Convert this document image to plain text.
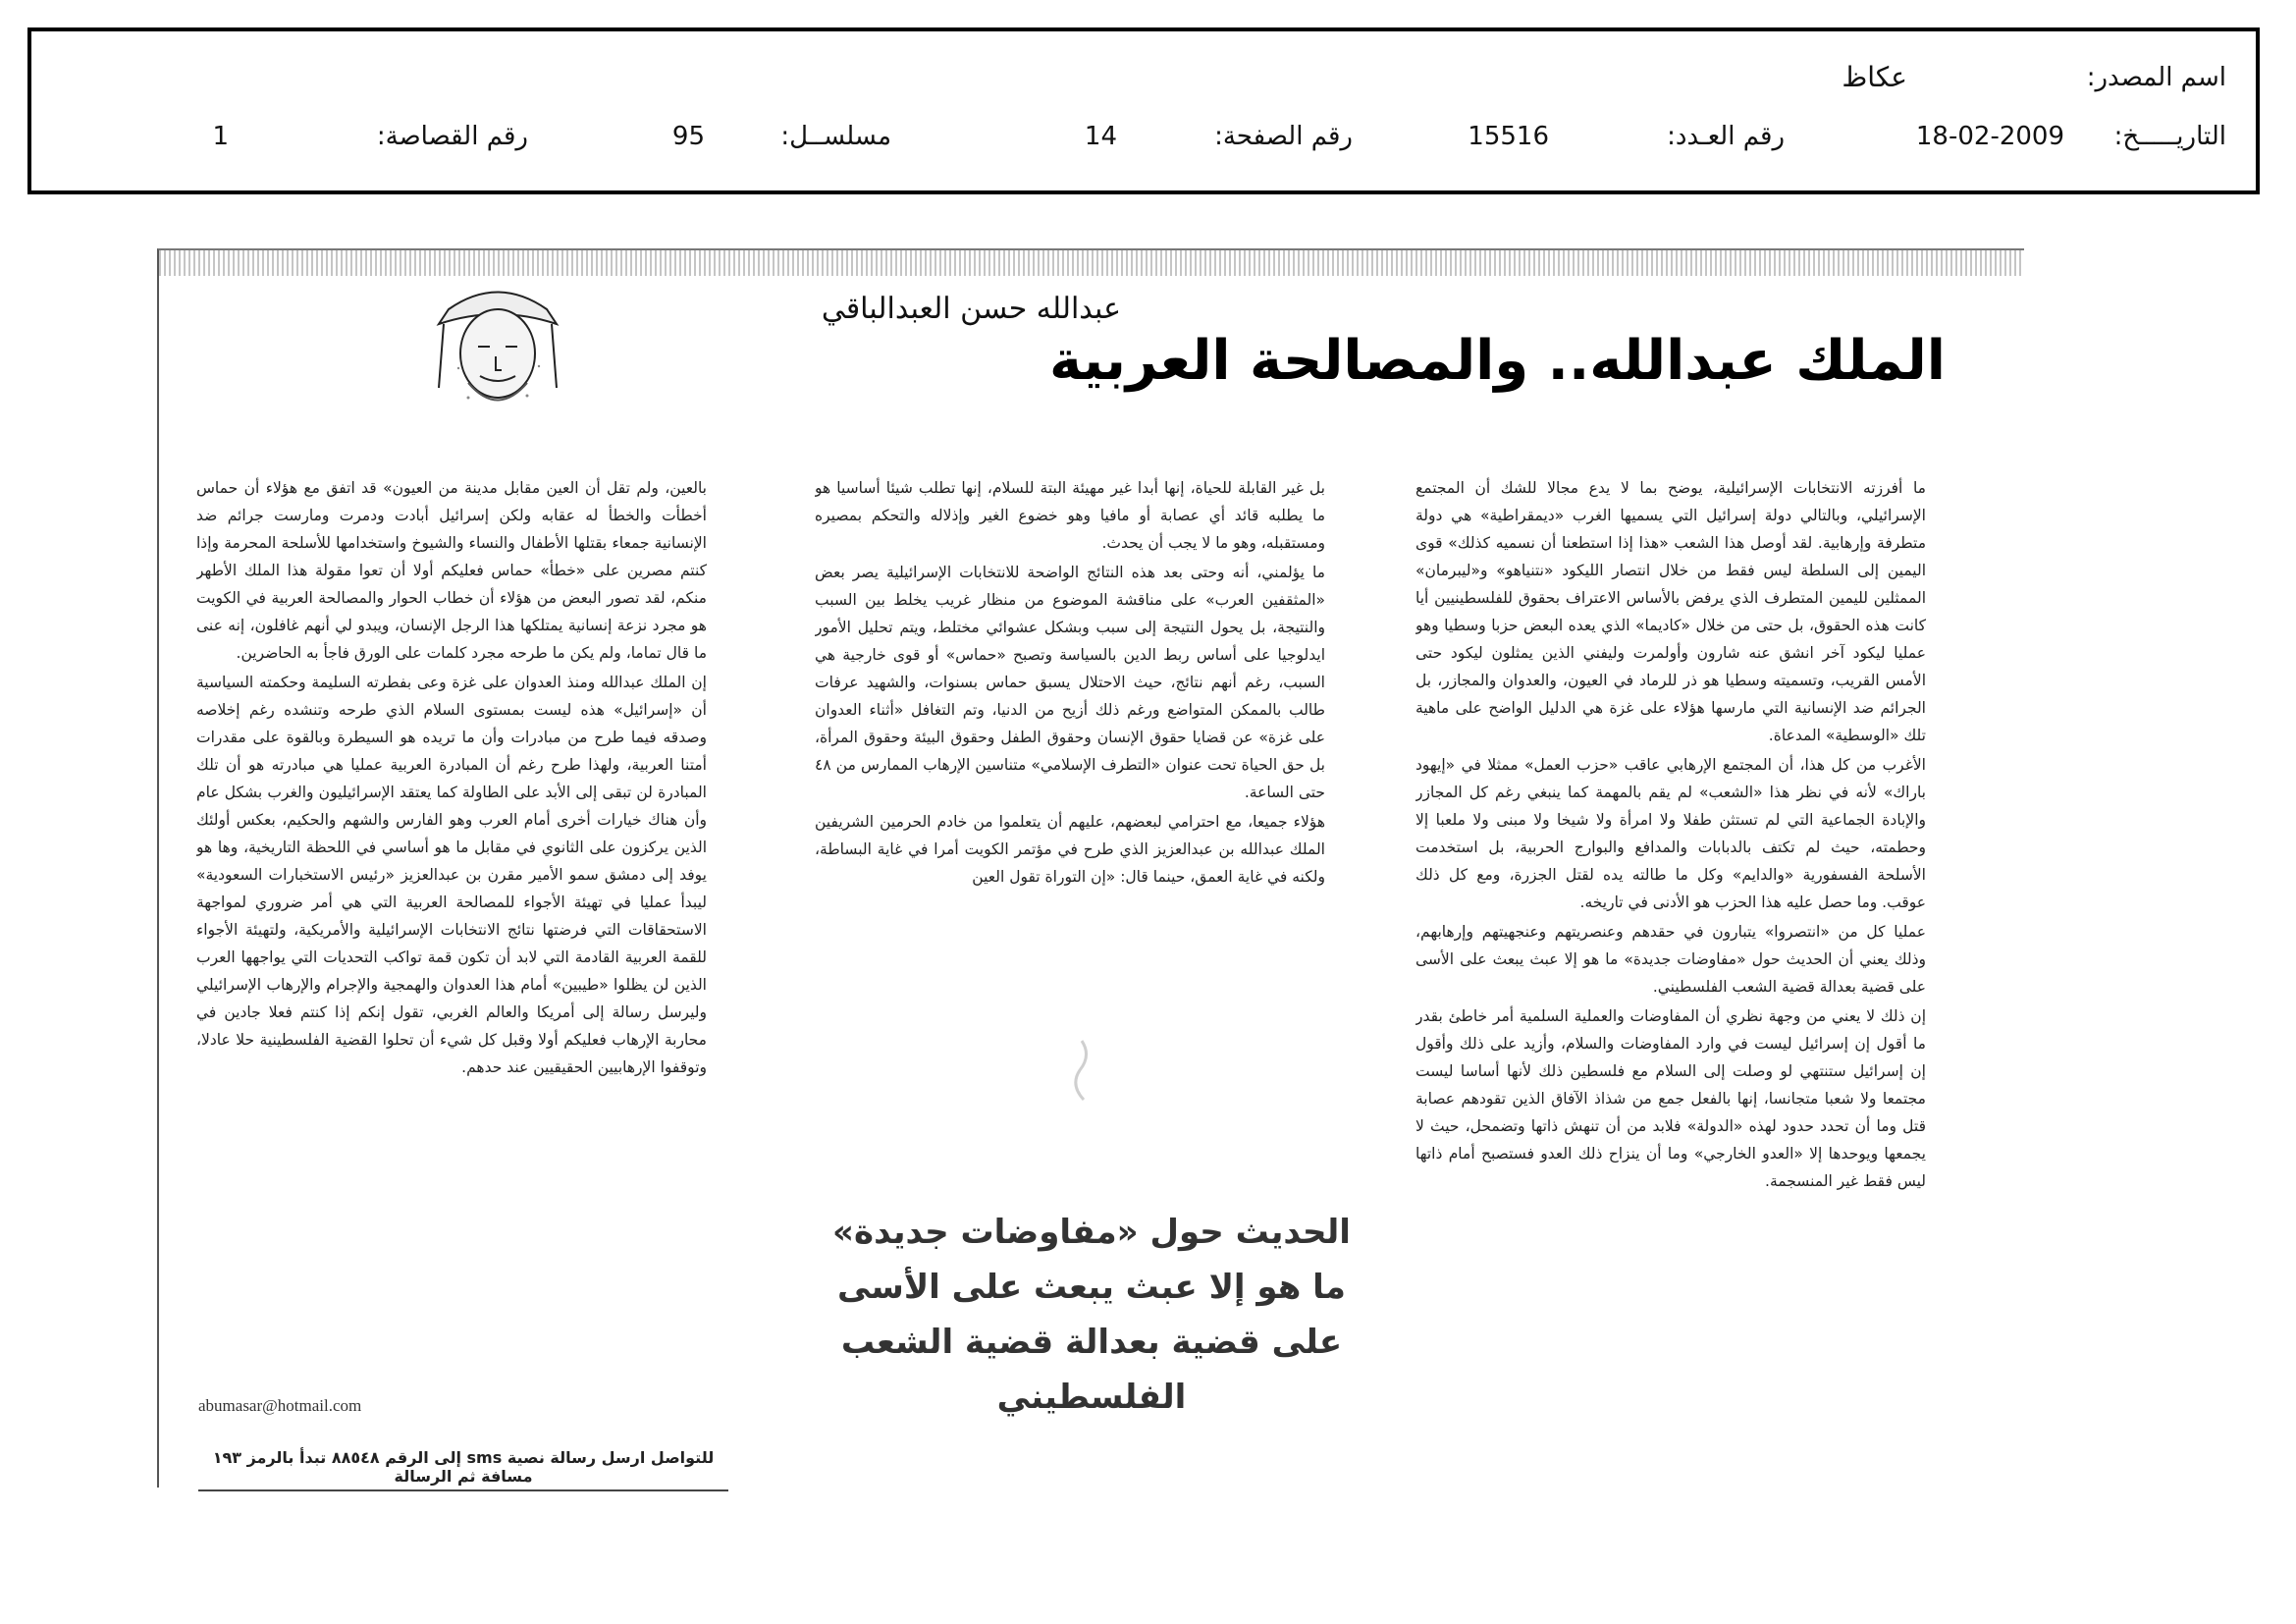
اسم المصدر:
عكاظ
التاريـــــخ:
18-02-2009
رقم العـدد:
15516
رقم الصفحة:
14
مسلســل:
95
رقم القصاصة:
1
عبدالله حسن العبدالباقي
الملك عبدالله.. والمصالحة العربية

ما أفرزته الانتخابات الإسرائيلية، يوضح بما لا يدع مجالا للشك أن المجتمع الإسرائيلي، وبالتالي دولة إسرائيل التي يسميها الغرب «ديمقراطية» هي دولة متطرفة وإرهابية. لقد أوصل هذا الشعب «هذا إذا استطعنا أن نسميه كذلك» قوى اليمين إلى السلطة ليس فقط من خلال انتصار الليكود «نتنياهو» و«ليبرمان» الممثلين لليمين المتطرف الذي يرفض بالأساس الاعتراف بحقوق للفلسطينيين أيا كانت هذه الحقوق، بل حتى من خلال «كاديما» الذي يعده البعض حزبا وسطيا وهو عمليا ليكود آخر انشق عنه شارون وأولمرت وليفني الذين يمثلون ليكود حتى الأمس القريب، وتسميته وسطيا هو ذر للرماد في العيون، والعدوان والمجازر، بل الجرائم ضد الإنسانية التي مارسها هؤلاء على غزة هي الدليل الواضح على ماهية تلك «الوسطية» المدعاة.

الأغرب من كل هذا، أن المجتمع الإرهابي عاقب «حزب العمل» ممثلا في «إيهود باراك» لأنه في نظر هذا «الشعب» لم يقم بالمهمة كما ينبغي رغم كل المجازر والإبادة الجماعية التي لم تستثن طفلا ولا امرأة ولا شيخا ولا مبنى ولا ملعبا إلا وحطمته، حيث لم تكتف بالدبابات والمدافع والبوارج الحربية، بل استخدمت الأسلحة الفسفورية «والدايم» وكل ما طالته يده لقتل الجزرة، ومع كل ذلك عوقب. وما حصل عليه هذا الحزب هو الأدنى في تاريخه.

عمليا كل من «انتصروا» يتبارون في حقدهم وعنصريتهم وعنجهيتهم وإرهابهم، وذلك يعني أن الحديث حول «مفاوضات جديدة» ما هو إلا عبث يبعث على الأسى على قضية بعدالة قضية الشعب الفلسطيني.

إن ذلك لا يعني من وجهة نظري أن المفاوضات والعملية السلمية أمر خاطئ بقدر ما أقول إن إسرائيل ليست في وارد المفاوضات والسلام، وأزيد على ذلك وأقول إن إسرائيل ستنتهي لو وصلت إلى السلام مع فلسطين ذلك لأنها أساسا ليست مجتمعا ولا شعبا متجانسا، إنها بالفعل جمع من شذاذ الآفاق الذين تقودهم عصابة قتل وما أن تحدد حدود لهذه «الدولة» فلابد من أن تنهش ذاتها وتضمحل، حيث لا يجمعها ويوحدها إلا «العدو الخارجي» وما أن ينزاح ذلك العدو فستصبح أمام ذاتها ليس فقط غير المنسجمة.

بل غير القابلة للحياة، إنها أبدا غير مهيئة البتة للسلام، إنها تطلب شيئا أساسيا هو ما يطلبه قائد أي عصابة أو مافيا وهو خضوع الغير وإذلاله والتحكم بمصيره ومستقبله، وهو ما لا يجب أن يحدث.

ما يؤلمني، أنه وحتى بعد هذه النتائج الواضحة للانتخابات الإسرائيلية يصر بعض «المثقفين العرب» على مناقشة الموضوع من منظار غريب يخلط بين السبب والنتيجة، بل يحول النتيجة إلى سبب وبشكل عشوائي مختلط، ويتم تحليل الأمور ايدلوجيا على أساس ربط الدين بالسياسة وتصبح «حماس» أو قوى خارجية هي السبب، رغم أنهم نتائج، حيث الاحتلال يسبق حماس بسنوات، والشهيد عرفات طالب بالممكن المتواضع ورغم ذلك أزيح من الدنيا، وتم التغافل «أثناء العدوان على غزة» عن قضايا حقوق الإنسان وحقوق الطفل وحقوق البيئة وحقوق المرأة، بل حق الحياة تحت عنوان «التطرف الإسلامي» متناسين الإرهاب الممارس من ٤٨ حتى الساعة.

هؤلاء جميعا، مع احترامي لبعضهم، عليهم أن يتعلموا من خادم الحرمين الشريفين الملك عبدالله بن عبدالعزيز الذي طرح في مؤتمر الكويت أمرا في غاية البساطة، ولكنه في غاية العمق، حينما قال: «إن التوراة تقول العين

الحديث حول «مفاوضات جديدة» ما هو إلا عبث يبعث على الأسى على قضية بعدالة قضية الشعب الفلسطيني

بالعين، ولم تقل أن العين مقابل مدينة من العيون» قد اتفق مع هؤلاء أن حماس أخطأت والخطأ له عقابه ولكن إسرائيل أبادت ودمرت ومارست جرائم ضد الإنسانية جمعاء بقتلها الأطفال والنساء والشيوخ واستخدامها للأسلحة المحرمة وإذا كنتم مصرين على «خطأ» حماس فعليكم أولا أن تعوا مقولة هذا الملك الأطهر منكم، لقد تصور البعض من هؤلاء أن خطاب الحوار والمصالحة العربية في الكويت هو مجرد نزعة إنسانية يمتلكها هذا الرجل الإنسان، ويبدو لي أنهم غافلون، إنه عنى ما قال تماما، ولم يكن ما طرحه مجرد كلمات على الورق فاجأ به الحاضرين.

إن الملك عبدالله ومنذ العدوان على غزة وعى بفطرته السليمة وحكمته السياسية أن «إسرائيل» هذه ليست بمستوى السلام الذي طرحه وتنشده رغم إخلاصه وصدقه فيما طرح من مبادرات وأن ما تريده هو السيطرة وبالقوة على مقدرات أمتنا العربية، ولهذا طرح رغم أن المبادرة العربية عمليا هي مبادرته هو أن تلك المبادرة لن تبقى إلى الأبد على الطاولة كما يعتقد الإسرائيليون والغرب بشكل عام وأن هناك خيارات أخرى أمام العرب وهو الفارس والشهم والحكيم، بعكس أولئك الذين يركزون على الثانوي في مقابل ما هو أساسي في اللحظة التاريخية، وها هو يوفد إلى دمشق سمو الأمير مقرن بن عبدالعزيز «رئيس الاستخبارات السعودية» ليبدأ عمليا في تهيئة الأجواء للمصالحة العربية التي هي أمر ضروري لمواجهة الاستحقاقات التي فرضتها نتائج الانتخابات الإسرائيلية والأمريكية، ولتهيئة الأجواء للقمة العربية القادمة التي لابد أن تكون قمة تواكب التحديات التي يواجهها العرب الذين لن يظلوا «طيبين» أمام هذا العدوان والهمجية والإجرام والإرهاب الإسرائيلي وليرسل رسالة إلى أمريكا والعالم الغربي، تقول إنكم إذا كنتم فعلا جادين في محاربة الإرهاب فعليكم أولا وقبل كل شيء أن تحلوا القضية الفلسطينية حلا عادلا، وتوقفوا الإرهابيين الحقيقيين عند حدهم.

abumasar@hotmail.com
للتواصل ارسل رسالة نصية sms إلى الرقم ٨٨٥٤٨ تبدأ بالرمز ١٩٣ مسافة ثم الرسالة
